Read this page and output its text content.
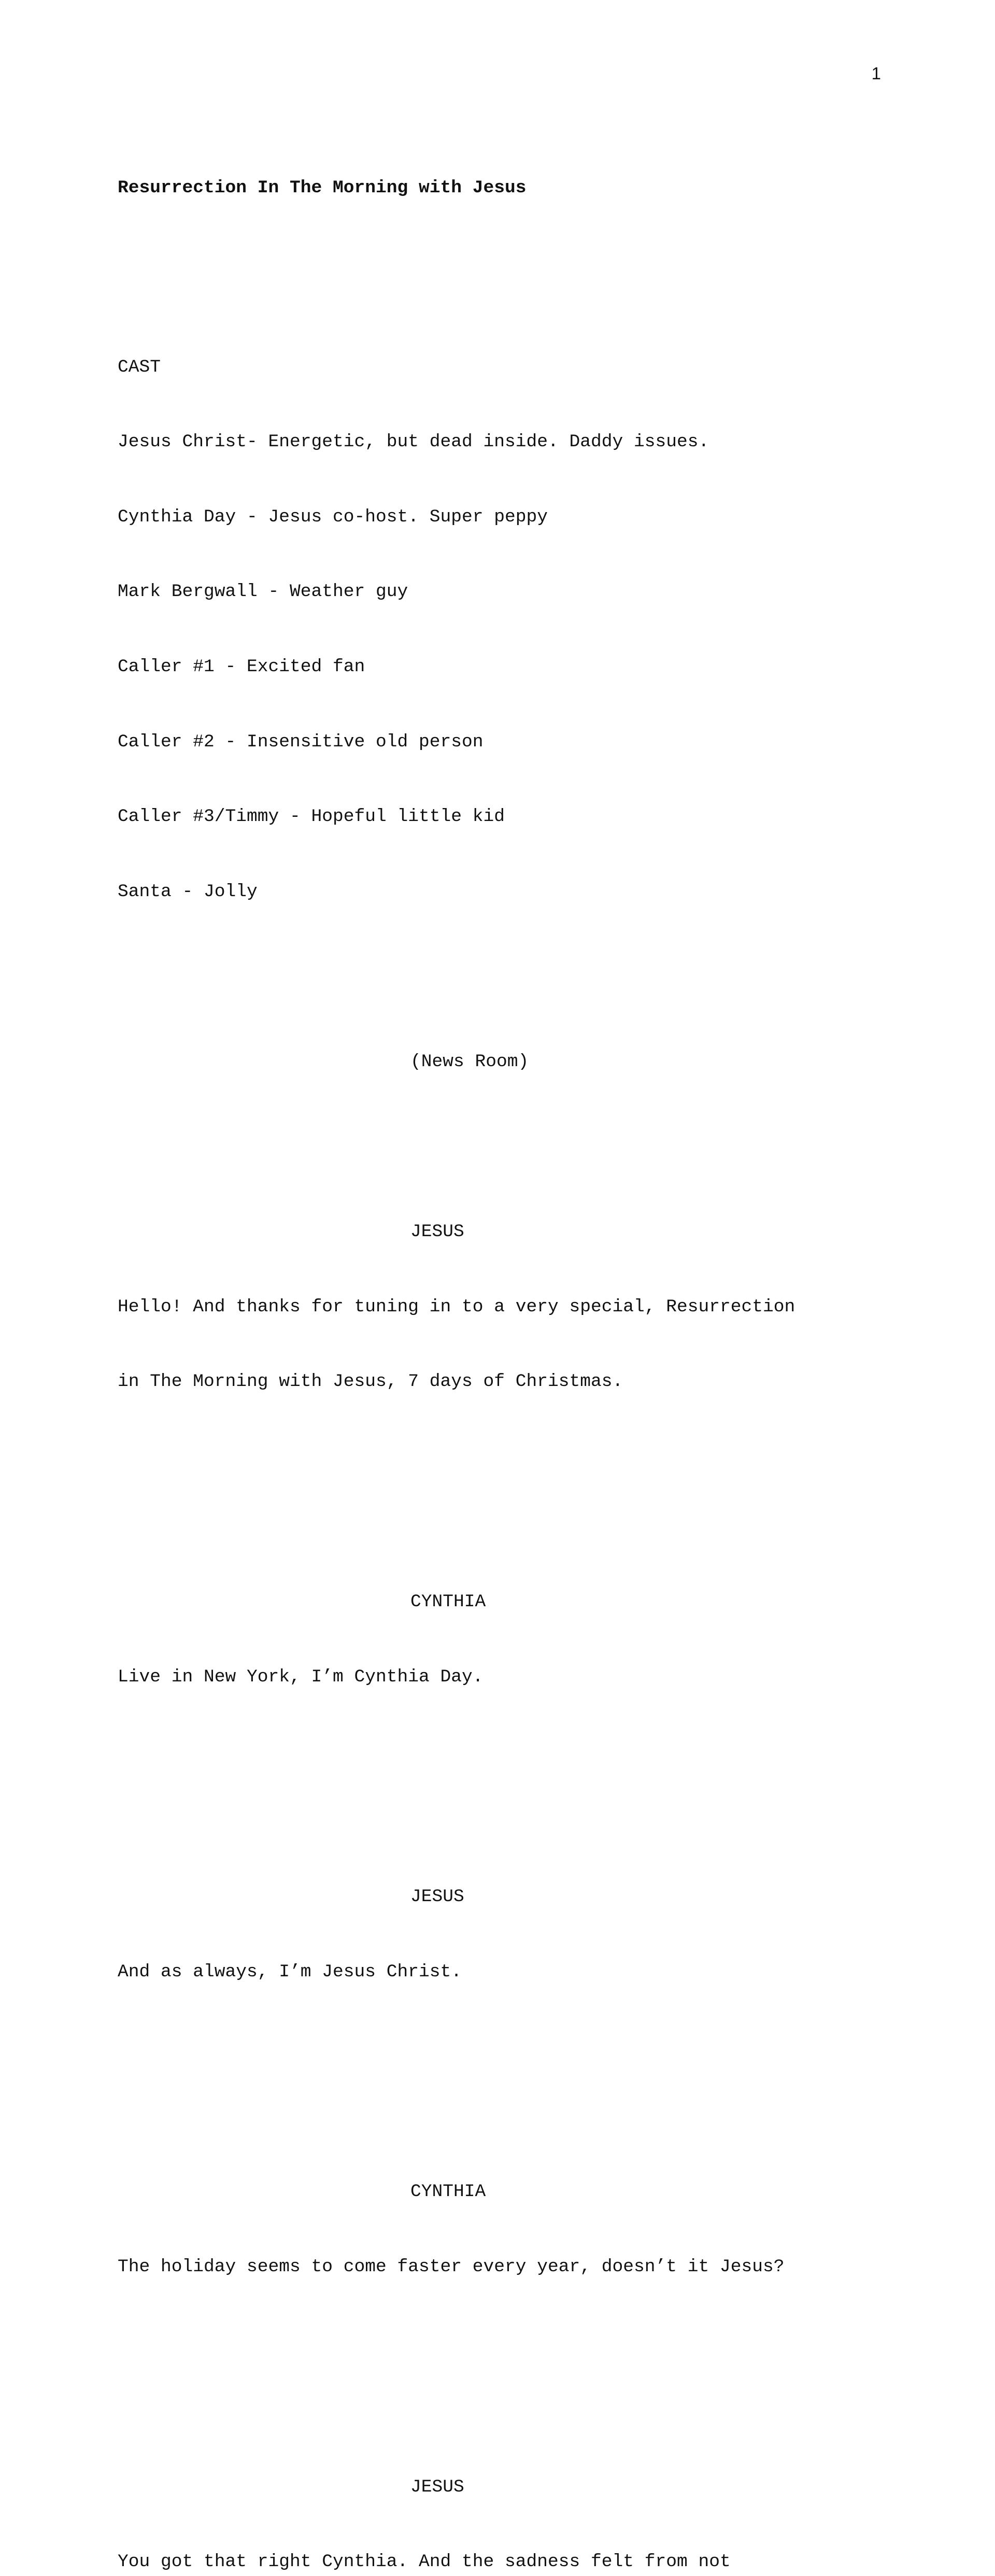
1

Resurrection In The Morning with Jesus

CAST

Jesus Christ- Energetic, but dead inside. Daddy issues.

Cynthia Day - Jesus co-host. Super peppy

Mark Bergwall - Weather guy

Caller #1 - Excited fan

Caller #2 - Insensitive old person

Caller #3/Timmy - Hopeful little kid

Santa - Jolly

(News Room)

JESUS

Hello! And thanks for tuning in to a very special, Resurrection

in The Morning with Jesus, 7 days of Christmas.

CYNTHIA

Live in New York, I’m Cynthia Day.

JESUS

And as always, I’m Jesus Christ.

CYNTHIA

The holiday seems to come faster every year, doesn’t it Jesus?

JESUS

You got that right Cynthia. And the sadness felt from not
